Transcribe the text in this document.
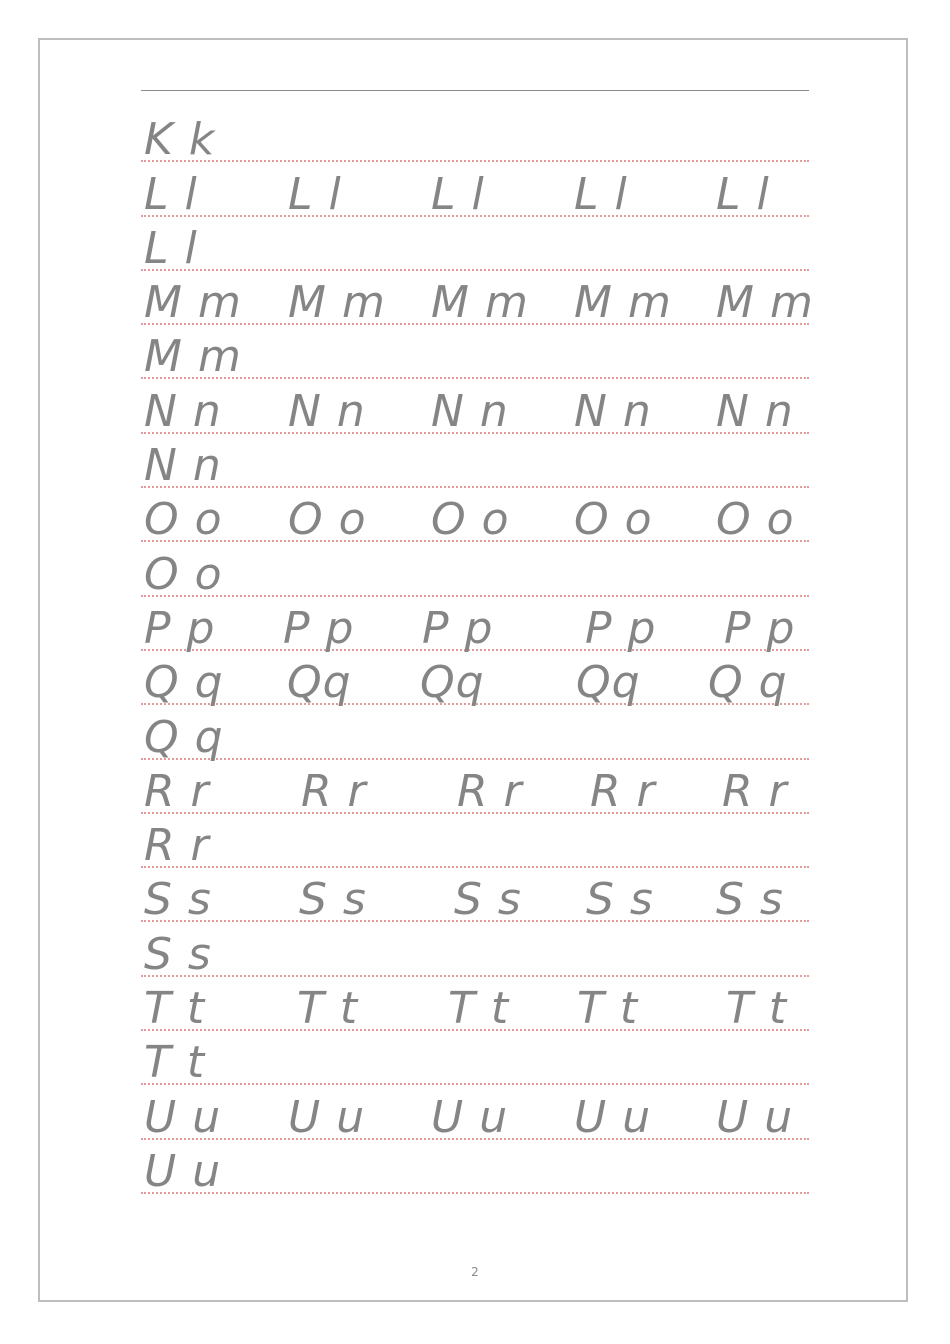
K k
L l L l L l L l L l
L l
M m M m M m M m M m
M m
N n N n N n N n N n
N n
O o O o O o O o O o
O o
P p P p P p P p P p
Q q Qq Qq Qq Q q
Q q
R r R r R r R r R r
R r
S s S s S s S s S s
S s
T t T t T t T t T t
T t
U u U u U u U u U u
U u
2
